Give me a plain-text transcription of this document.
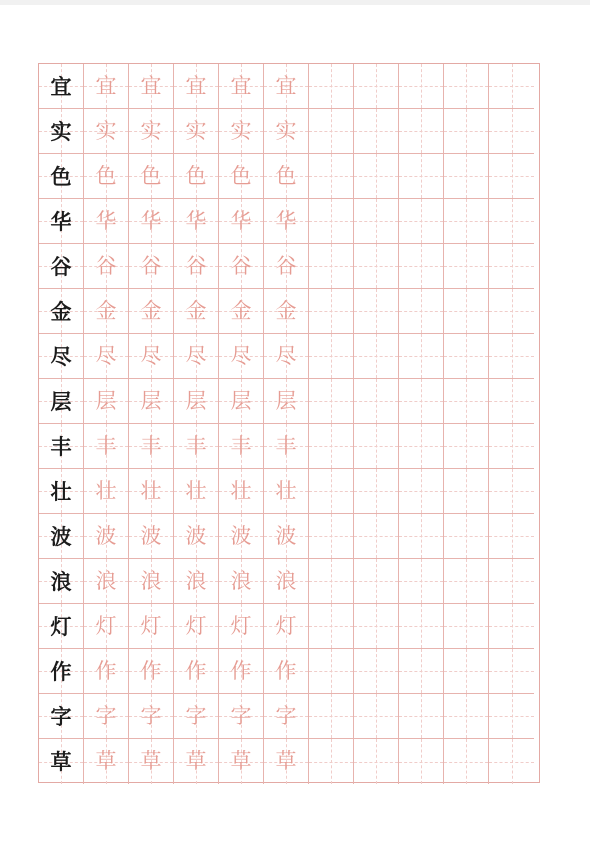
宜 宜 宜 宜 宜 宜
实 实 实 实 实 实
色 色 色 色 色 色
华 华 华 华 华 华
谷 谷 谷 谷 谷 谷
金 金 金 金 金 金
尽 尽 尽 尽 尽 尽
层 层 层 层 层 层
丰 丰 丰 丰 丰 丰
壮 壮 壮 壮 壮 壮
波 波 波 波 波 波
浪 浪 浪 浪 浪 浪
灯 灯 灯 灯 灯 灯
作 作 作 作 作 作
字 字 字 字 字 字
草 草 草 草 草 草
